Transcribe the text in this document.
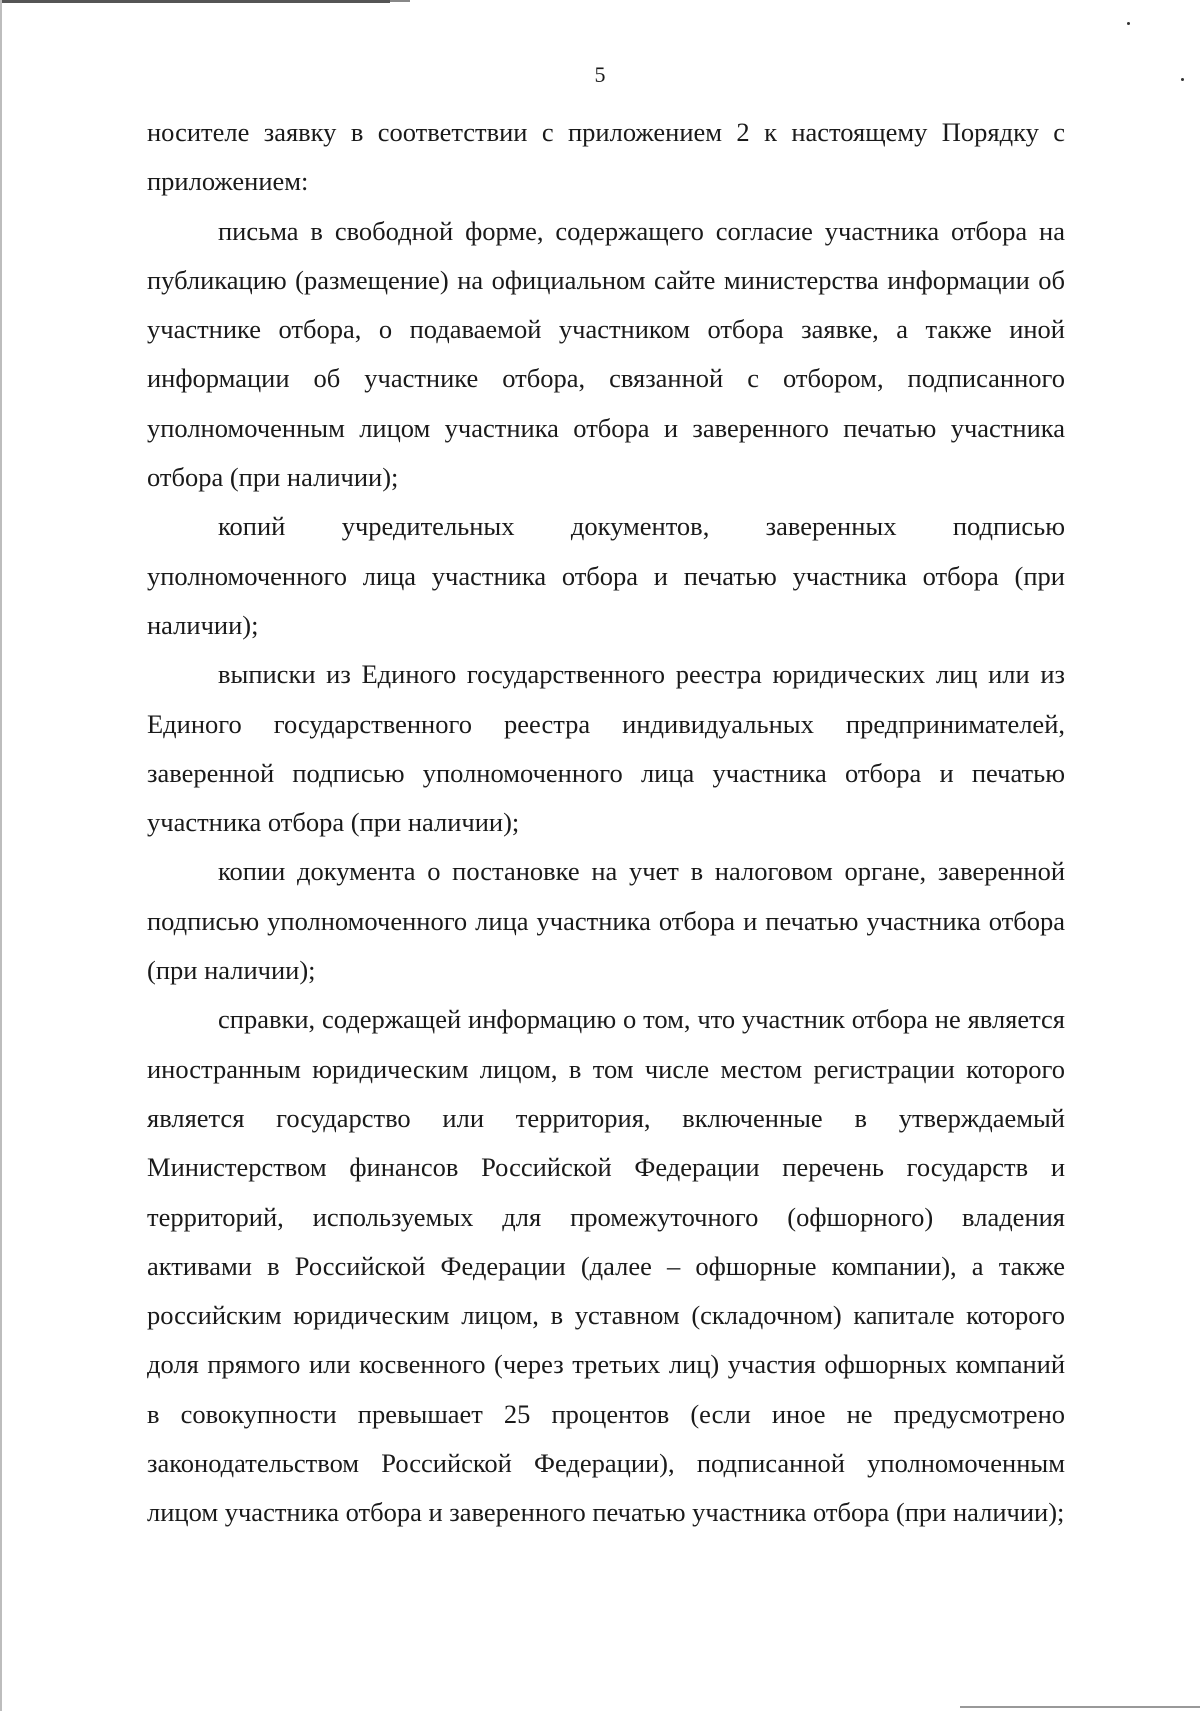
5

носителе заявку в соответствии с приложением 2 к настоящему Порядку с приложением:

письма в свободной форме, содержащего согласие участника отбора на публикацию (размещение) на официальном сайте министерства информации об участнике отбора, о подаваемой участником отбора заявке, а также иной информации об участнике отбора, связанной с отбором, подписанного уполномоченным лицом участника отбора и заверенного печатью участника отбора (при наличии);

копий учредительных документов, заверенных подписью уполномоченного лица участника отбора и печатью участника отбора (при наличии);

выписки из Единого государственного реестра юридических лиц или из Единого государственного реестра индивидуальных предпринимателей, заверенной подписью уполномоченного лица участника отбора и печатью участника отбора (при наличии);

копии документа о постановке на учет в налоговом органе, заверенной подписью уполномоченного лица участника отбора и печатью участника отбора (при наличии);

справки, содержащей информацию о том, что участник отбора не является иностранным юридическим лицом, в том числе местом регистрации которого является государство или территория, включенные в утверждаемый Министерством финансов Российской Федерации перечень государств и территорий, используемых для промежуточного (офшорного) владения активами в Российской Федерации (далее – офшорные компании), а также российским юридическим лицом, в уставном (складочном) капитале которого доля прямого или косвенного (через третьих лиц) участия офшорных компаний в совокупности превышает 25 процентов (если иное не предусмотрено законодательством Российской Федерации), подписанной уполномоченным лицом участника отбора и заверенного печатью участника отбора (при наличии);
